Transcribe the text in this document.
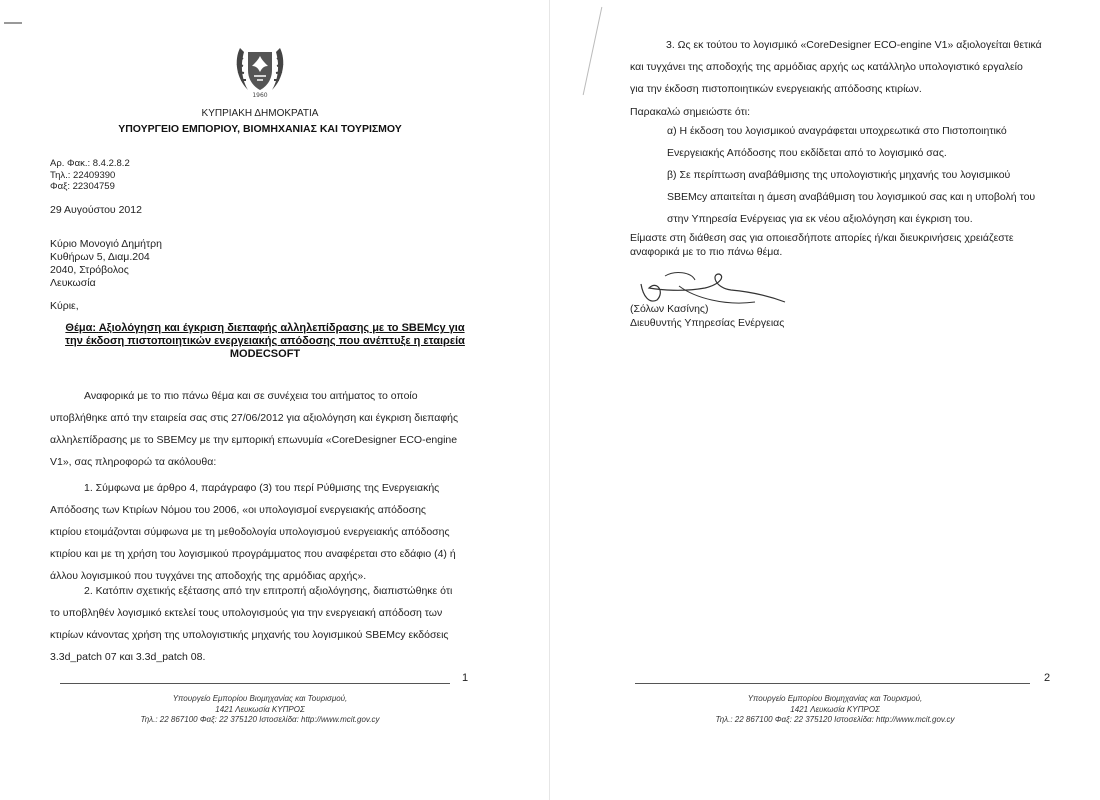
1960
ΚΥΠΡΙΑΚΗ ΔΗΜΟΚΡΑΤΙΑ
ΥΠΟΥΡΓΕΙΟ ΕΜΠΟΡΙΟΥ, ΒΙΟΜΗΧΑΝΙΑΣ ΚΑΙ ΤΟΥΡΙΣΜΟΥ
Αρ. Φακ.: 8.4.2.8.2
Τηλ.: 22409390
Φαξ: 22304759
29 Αυγούστου 2012
Κύριο Μονογιό Δημήτρη
Κυθήρων 5, Διαμ.204
2040, Στρόβολος
Λευκωσία
Κύριε,
Θέμα: Αξιολόγηση και έγκριση διεπαφής αλληλεπίδρασης με το SBEMcy για
την έκδοση πιστοποιητικών ενεργειακής απόδοσης που ανέπτυξε η εταιρεία
MODECSOFT
Αναφορικά με το πιο πάνω θέμα και σε συνέχεια του αιτήματος το οποίο
υποβλήθηκε από την εταιρεία σας στις 27/06/2012 για αξιολόγηση και έγκριση διεπαφής
αλληλεπίδρασης με το SBEMcy με την εμπορική επωνυμία «CoreDesigner ECO-engine
V1», σας πληροφορώ τα ακόλουθα:
1. Σύμφωνα με άρθρο 4, παράγραφο (3) του περί Ρύθμισης της Ενεργειακής
Απόδοσης των Κτιρίων Νόμου του 2006, «οι υπολογισμοί ενεργειακής απόδοσης
κτιρίου ετοιμάζονται σύμφωνα με τη μεθοδολογία υπολογισμού ενεργειακής απόδοσης
κτιρίου και με τη χρήση του λογισμικού προγράμματος που αναφέρεται στο εδάφιο (4) ή
άλλου λογισμικού που τυγχάνει της αποδοχής της αρμόδιας αρχής».
2. Κατόπιν σχετικής εξέτασης από την επιτροπή αξιολόγησης, διαπιστώθηκε ότι
το υποβληθέν λογισμικό εκτελεί τους υπολογισμούς για την ενεργειακή απόδοση των
κτιρίων κάνοντας χρήση της υπολογιστικής μηχανής του λογισμικού SBEMcy εκδόσεις
3.3d_patch 07 και 3.3d_patch 08.
1
Υπουργείο Εμπορίου Βιομηχανίας και Τουρισμού,
1421 Λευκωσία ΚΥΠΡΟΣ
Τηλ.: 22 867100 Φαξ: 22 375120 Ιστοσελίδα: http://www.mcit.gov.cy
3. Ως εκ τούτου το λογισμικό «CoreDesigner ECO-engine V1» αξιολογείται θετικά
και τυγχάνει της αποδοχής της αρμόδιας αρχής ως κατάλληλο υπολογιστικό εργαλείο
για την έκδοση πιστοποιητικών ενεργειακής απόδοσης κτιρίων.
Παρακαλώ σημειώστε ότι:
α) Η έκδοση του λογισμικού αναγράφεται υποχρεωτικά στο Πιστοποιητικό
Ενεργειακής Απόδοσης που εκδίδεται από το λογισμικό σας.
β) Σε περίπτωση αναβάθμισης της υπολογιστικής μηχανής του λογισμικού
SBEMcy απαιτείται η άμεση αναβάθμιση του λογισμικού σας και η υποβολή του
στην Υπηρεσία Ενέργειας για εκ νέου αξιολόγηση και έγκριση του.
Είμαστε στη διάθεση σας για οποιεσδήποτε απορίες ή/και διευκρινήσεις χρειάζεστε
αναφορικά με το πιο πάνω θέμα.
(Σόλων Κασίνης)
Διευθυντής Υπηρεσίας Ενέργειας
2
Υπουργείο Εμπορίου Βιομηχανίας και Τουρισμού,
1421 Λευκωσία ΚΥΠΡΟΣ
Τηλ.: 22 867100 Φαξ: 22 375120 Ιστοσελίδα: http://www.mcit.gov.cy
